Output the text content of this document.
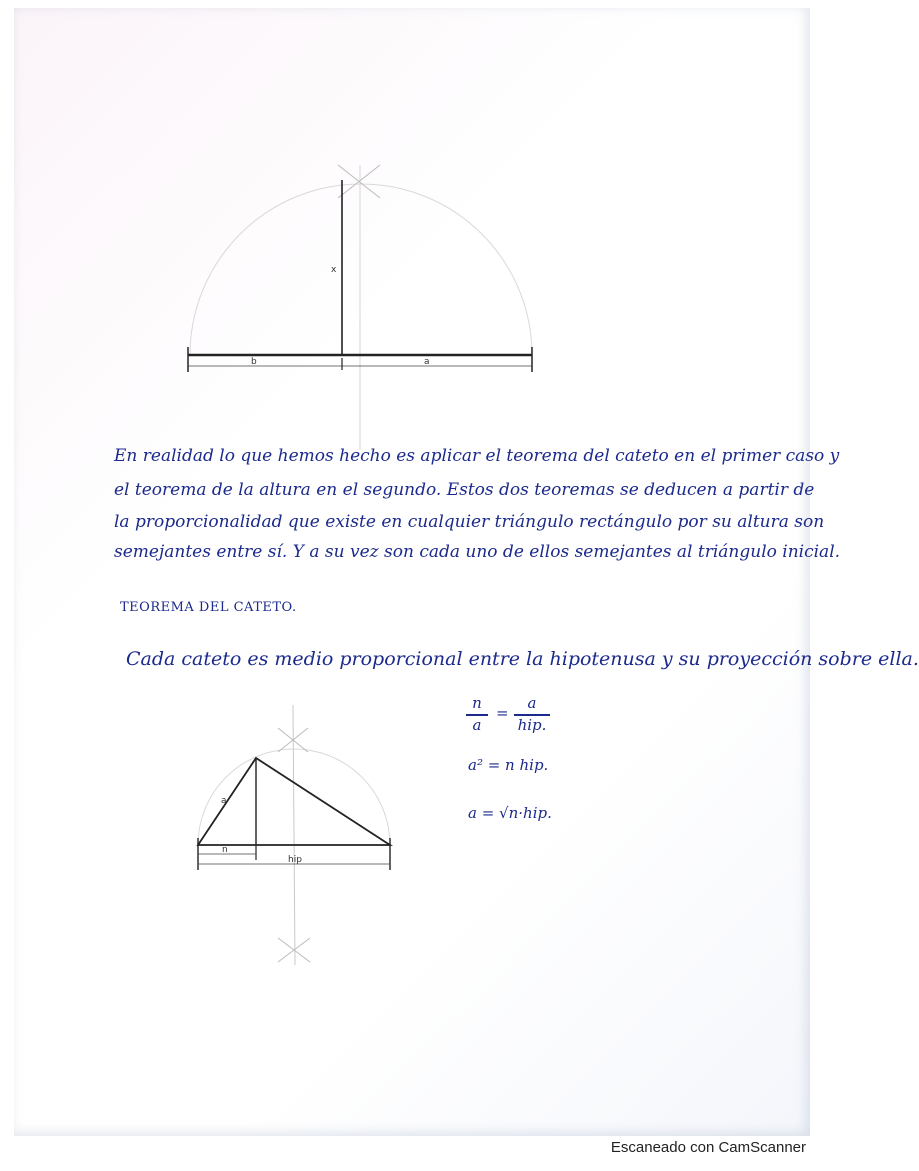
x
b	a
En realidad lo que hemos hecho es aplicar el teorema del cateto en el primer caso y
el teorema de la altura en el segundo. Estos dos teoremas se deducen a partir de
la proporcionalidad que existe en cualquier triángulo rectángulo por su altura son
semejantes entre sí. Y a su vez son cada uno de ellos semejantes al triángulo inicial.
TEOREMA DEL CATETO.
Cada cateto es medio proporcional entre la hipotenusa y su proyección sobre ella.
n
a
=
a
hip.
a² = n hip.
a = √n·hip.
a
n
hip
Escaneado con CamScanner
